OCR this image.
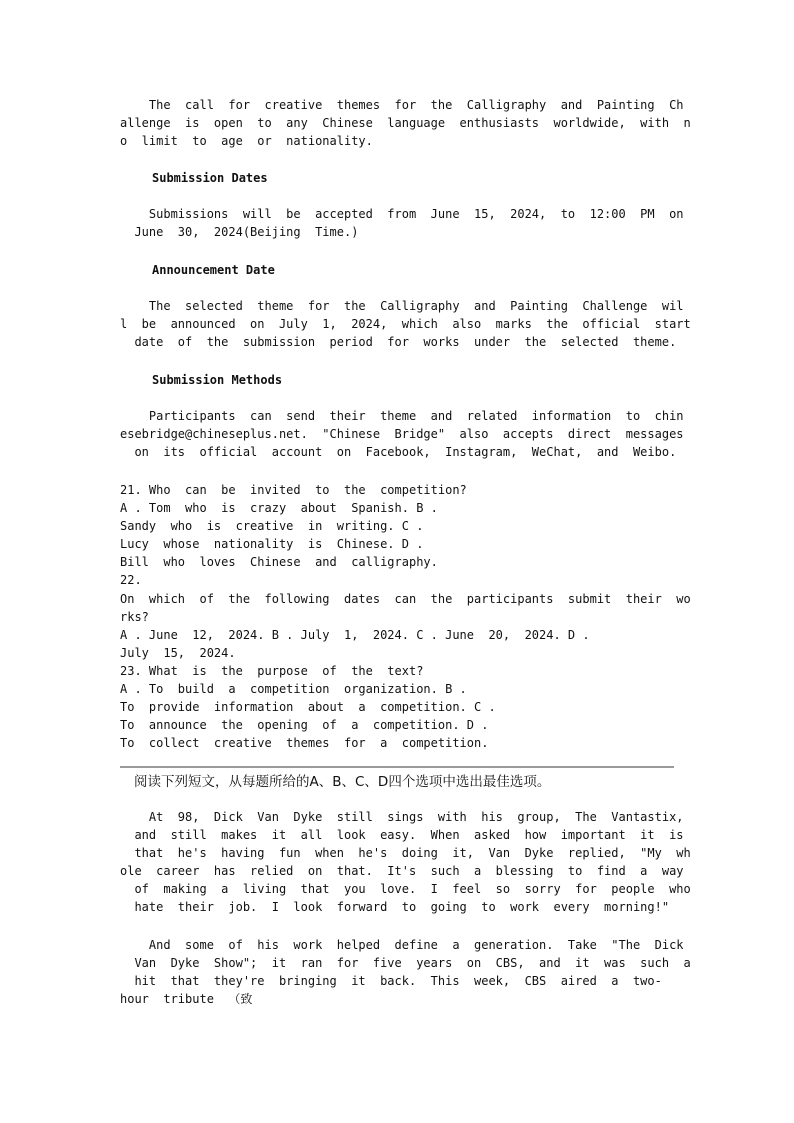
The  call  for  creative  themes  for  the  Calligraphy  and  Painting  Ch
allenge  is  open  to  any  Chinese  language  enthusiasts  worldwide,  with  n
o  limit  to  age  or  nationality.
Submission Dates
Submissions  will  be  accepted  from  June  15,  2024,  to  12:00  PM  on
June  30,  2024(Beijing  Time.)
Announcement Date
The  selected  theme  for  the  Calligraphy  and  Painting  Challenge  wil
l  be  announced  on  July  1,  2024,  which  also  marks  the  official  start
date  of  the  submission  period  for  works  under  the  selected  theme.
Submission Methods
Participants  can  send  their  theme  and  related  information  to  chin
esebridge@chineseplus.net.  "Chinese  Bridge"  also  accepts  direct  messages
on  its  official  account  on  Facebook,  Instagram,  WeChat,  and  Weibo.
21. Who  can  be  invited  to  the  competition?
A . Tom  who  is  crazy  about  Spanish. B .
Sandy  who  is  creative  in  writing. C .
Lucy  whose  nationality  is  Chinese. D .
Bill  who  loves  Chinese  and  calligraphy.
22.
On  which  of  the  following  dates  can  the  participants  submit  their  wo
rks?
A . June  12,  2024. B . July  1,  2024. C . June  20,  2024. D .
July  15,  2024.
23. What  is  the  purpose  of  the  text?
A . To  build  a  competition  organization. B .
To  provide  information  about  a  competition. C .
To  announce  the  opening  of  a  competition. D .
To  collect  creative  themes  for  a  competition.
阅读下列短文，从每题所给的A、B、C、D四个选项中选出最佳选项。
At  98,  Dick  Van  Dyke  still  sings  with  his  group,  The  Vantastix,
and  still  makes  it  all  look  easy.  When  asked  how  important  it  is
that  he's  having  fun  when  he's  doing  it,  Van  Dyke  replied,  "My  wh
ole  career  has  relied  on  that.  It's  such  a  blessing  to  find  a  way
of  making  a  living  that  you  love.  I  feel  so  sorry  for  people  who
hate  their  job.  I  look  forward  to  going  to  work  every  morning!"
And  some  of  his  work  helped  define  a  generation.  Take  "The  Dick
Van  Dyke  Show";  it  ran  for  five  years  on  CBS,  and  it  was  such  a
hit  that  they're  bringing  it  back.  This  week,  CBS  aired  a  two-
hour  tribute  （致
